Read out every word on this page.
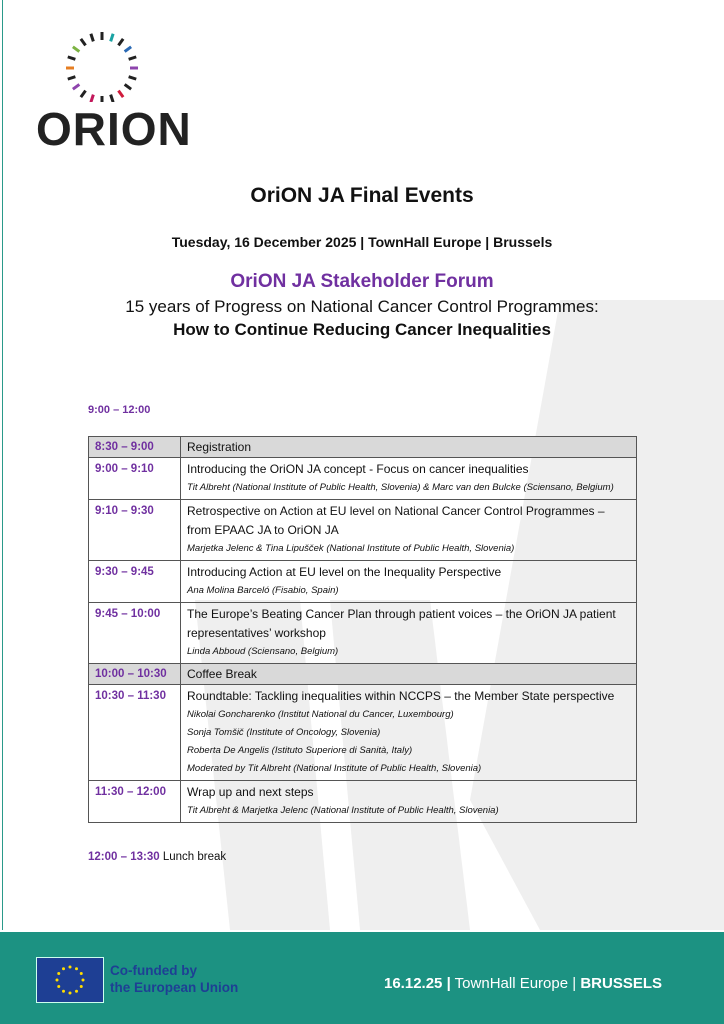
ORION
OriON JA Final Events
Tuesday, 16 December 2025 | TownHall Europe | Brussels
OriON JA Stakeholder Forum
15 years of Progress on National Cancer Control Programmes:
How to Continue Reducing Cancer Inequalities
9:00 – 12:00
8:30 – 9:00	Registration
9:00 – 9:10	Introducing the OriON JA concept - Focus on cancer inequalities
Tit Albreht (National Institute of Public Health, Slovenia) & Marc van den Bulcke (Sciensano, Belgium)

9:10 – 9:30	Retrospective on Action at EU level on National Cancer Control Programmes – from EPAAC JA to OriON JA
Marjetka Jelenc & Tina Lipušček (National Institute of Public Health, Slovenia)

9:30 – 9:45	Introducing Action at EU level on the Inequality Perspective
Ana Molina Barceló (Fisabio, Spain)

9:45 – 10:00	The Europe’s Beating Cancer Plan through patient voices – the OriON JA patient representatives’ workshop
Linda Abboud (Sciensano, Belgium)

10:00 – 10:30	Coffee Break
10:30 – 11:30	Roundtable: Tackling inequalities within NCCPS – the Member State perspective
Nikolai Goncharenko (Institut National du Cancer, Luxembourg)
Sonja Tomšič (Institute of Oncology, Slovenia)
Roberta De Angelis (Istituto Superiore di Sanità, Italy)
Moderated by Tit Albreht (National Institute of Public Health, Slovenia)

11:30 – 12:00	Wrap up and next steps
Tit Albreht & Marjetka Jelenc (National Institute of Public Health, Slovenia)
12:00 – 13:30 Lunch break
Co-funded by
the European Union	16.12.25 | TownHall Europe | BRUSSELS
